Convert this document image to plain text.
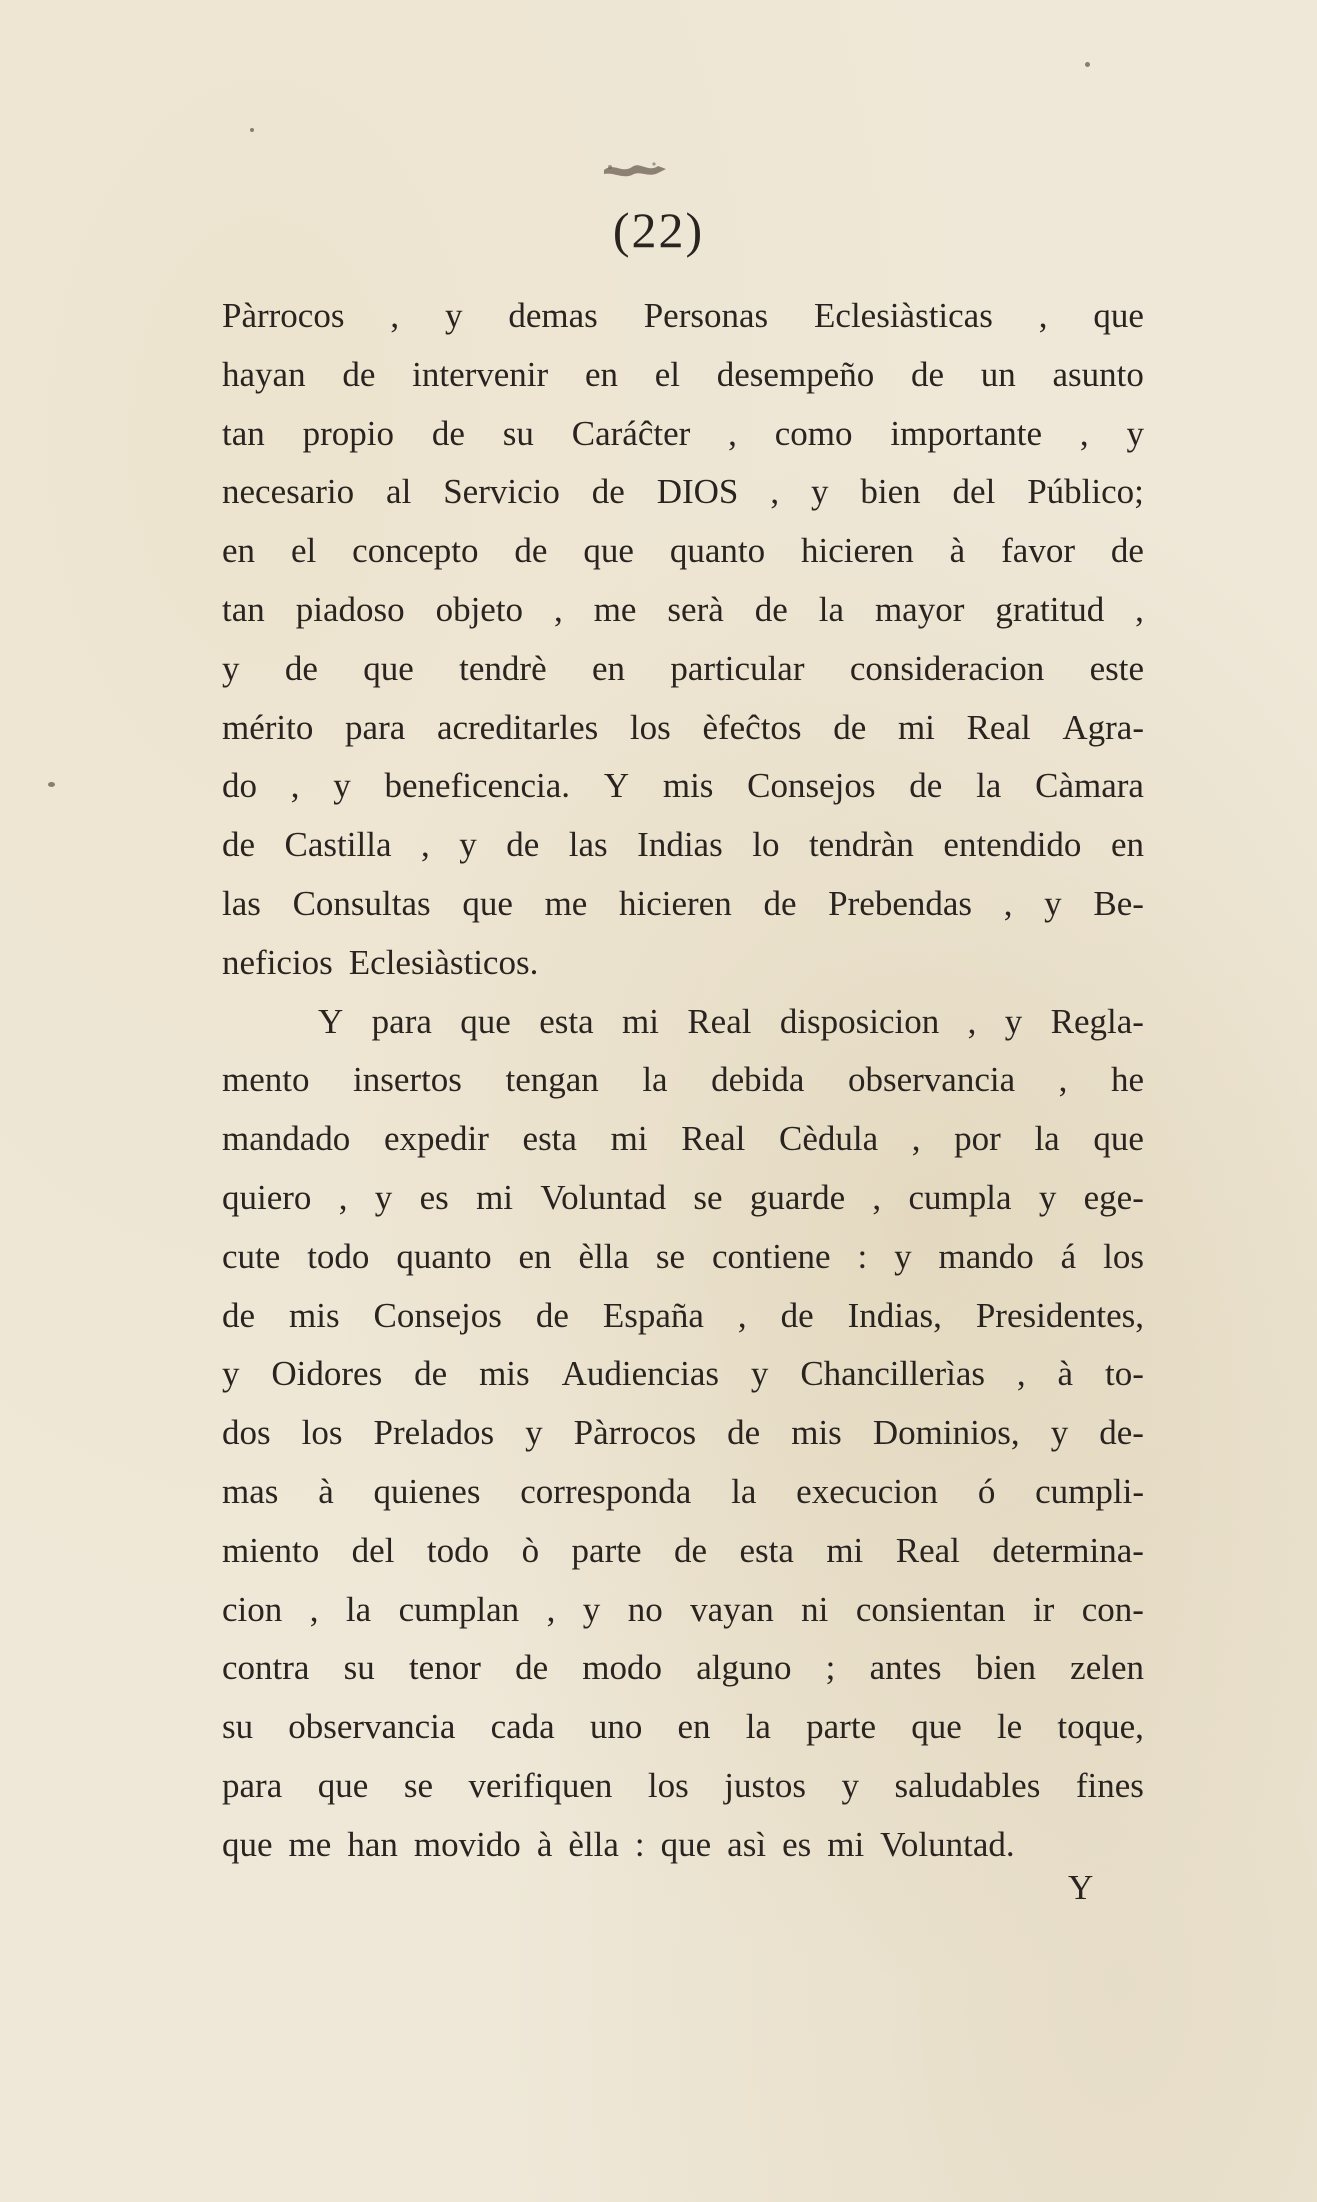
(22)
Pàrrocos , y demas Personas Eclesiàsticas , que
hayan de intervenir en el desempeño de un asunto
tan propio de su Caráĉter , como importante , y
necesario al Servicio de DIOS , y bien del Público;
en el concepto de que quanto hicieren à favor de
tan piadoso objeto , me serà de la mayor gratitud ,
y de que tendrè en particular consideracion este
mérito para acreditarles los èfeĉtos de mi Real Agra-
do , y beneficencia. Y mis Consejos de la Càmara
de Castilla , y de las Indias lo tendràn entendido en
las Consultas que me hicieren de Prebendas , y Be-
neficios Eclesiàsticos.
Y para que esta mi Real disposicion , y Regla-
mento insertos tengan la debida observancia , he
mandado expedir esta mi Real Cèdula , por la que
quiero , y es mi Voluntad se guarde , cumpla y ege-
cute todo quanto en èlla se contiene : y mando á los
de mis Consejos de España , de Indias, Presidentes,
y Oidores de mis Audiencias y Chancillerìas , à to-
dos los Prelados y Pàrrocos de mis Dominios, y de-
mas à quienes corresponda la execucion ó cumpli-
miento del todo ò parte de esta mi Real determina-
cion , la cumplan , y no vayan ni consientan ir con-
contra su tenor de modo alguno ; antes bien zelen
su observancia cada uno en la parte que le toque,
para que se verifiquen los justos y saludables fines
que me han movido à èlla : que asì es mi Voluntad.
Y
